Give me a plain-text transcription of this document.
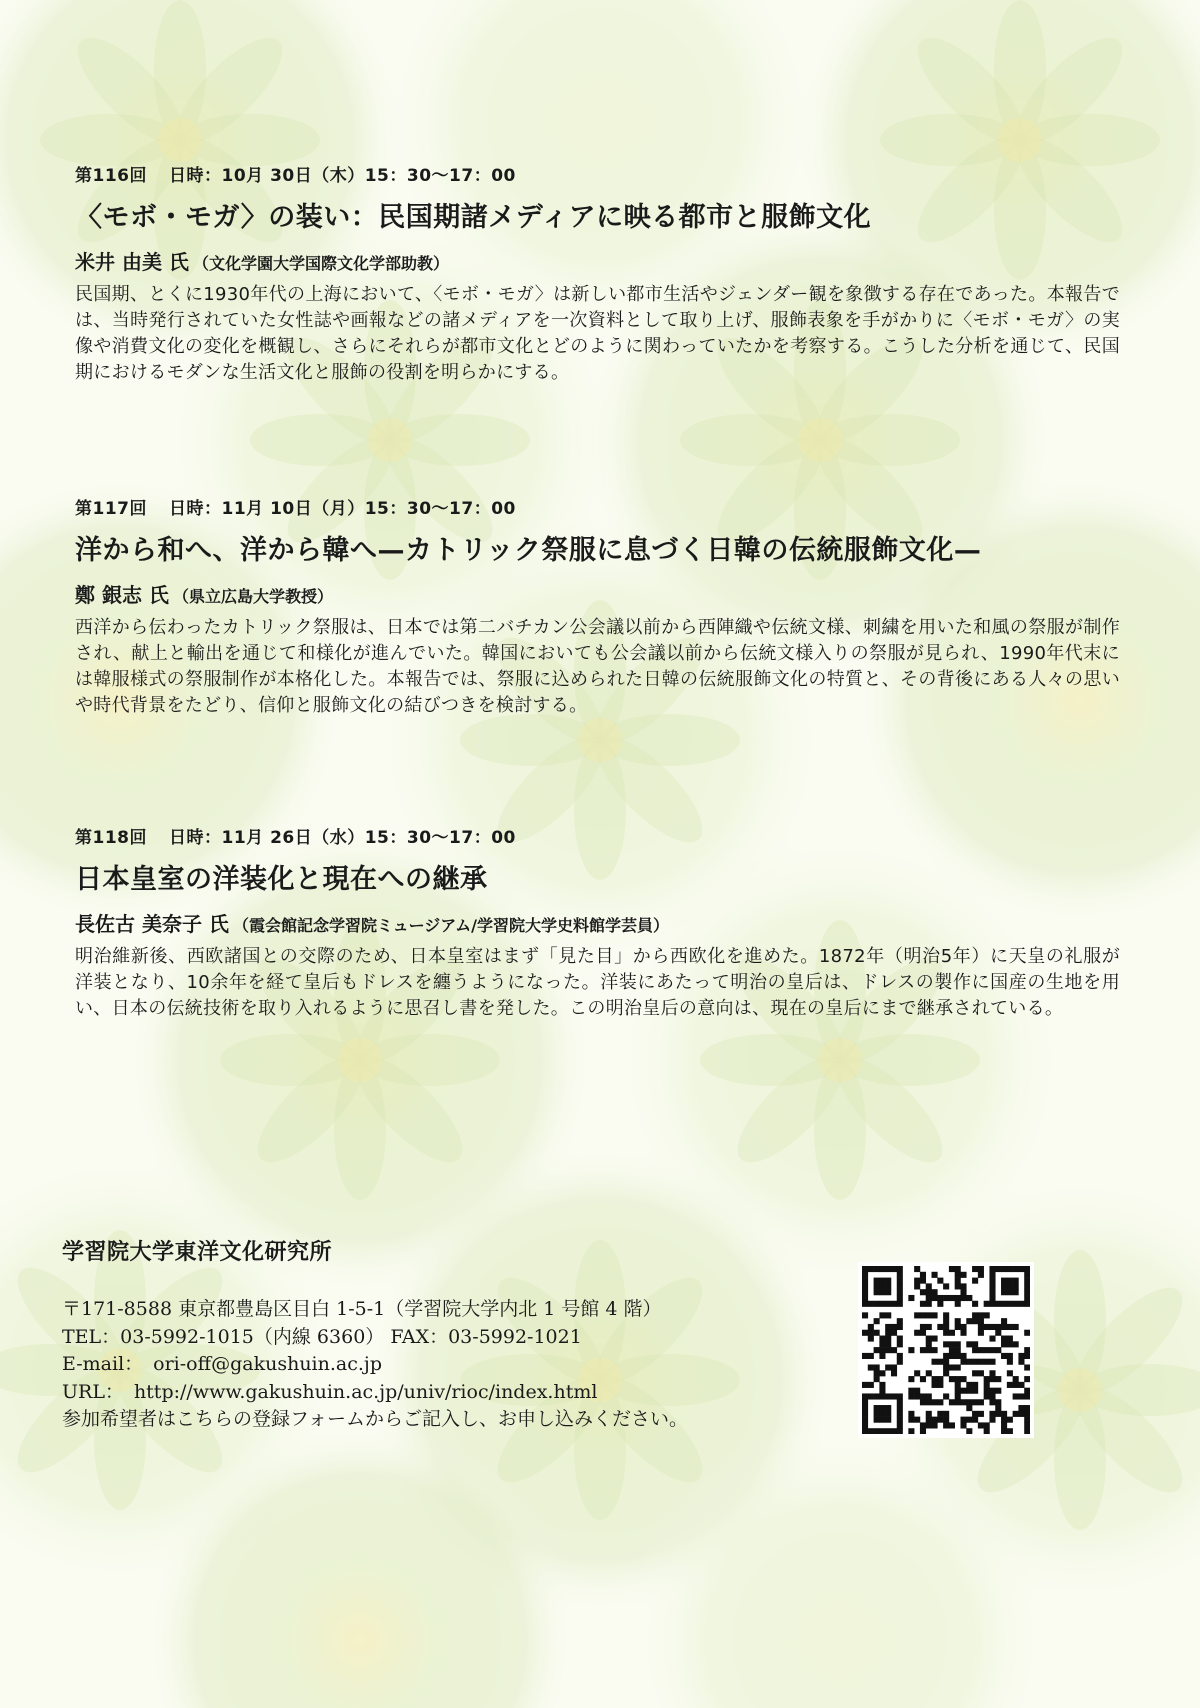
第116回 日時：10月 30日（木）15：30〜17：00
〈モボ・モガ〉の装い：民国期諸メディアに映る都市と服飾文化
米井 由美 氏 （文化学園大学国際文化学部助教）
民国期、とくに1930年代の上海において、〈モボ・モガ〉は新しい都市生活やジェンダー観を象徴する存在であった。本報告では、当時発行されていた女性誌や画報などの諸メディアを一次資料として取り上げ、服飾表象を手がかりに〈モボ・モガ〉の実像や消費文化の変化を概観し、さらにそれらが都市文化とどのように関わっていたかを考察する。こうした分析を通じて、民国期におけるモダンな生活文化と服飾の役割を明らかにする。
第117回 日時：11月 10日（月）15：30〜17：00
洋から和へ、洋から韓へ—カトリック祭服に息づく日韓の伝統服飾文化—
鄭 銀志 氏 （県立広島大学教授）
西洋から伝わったカトリック祭服は、日本では第二バチカン公会議以前から西陣織や伝統文様、刺繍を用いた和風の祭服が制作され、献上と輸出を通じて和様化が進んでいた。韓国においても公会議以前から伝統文様入りの祭服が見られ、1990年代末には韓服様式の祭服制作が本格化した。本報告では、祭服に込められた日韓の伝統服飾文化の特質と、その背後にある人々の思いや時代背景をたどり、信仰と服飾文化の結びつきを検討する。
第118回 日時：11月 26日（水）15：30〜17：00
日本皇室の洋装化と現在への継承
長佐古 美奈子 氏 （霞会館記念学習院ミュージアム/学習院大学史料館学芸員）
明治維新後、西欧諸国との交際のため、日本皇室はまず「見た目」から西欧化を進めた。1872年（明治5年）に天皇の礼服が洋装となり、10余年を経て皇后もドレスを纏うようになった。洋装にあたって明治の皇后は、ドレスの製作に国産の生地を用い、日本の伝統技術を取り入れるように思召し書を発した。この明治皇后の意向は、現在の皇后にまで継承されている。
学習院大学東洋文化研究所
〒171-8588 東京都豊島区目白 1-5-1（学習院大学内北 1 号館 4 階）
TEL：03-5992-1015（内線 6360） FAX：03-5992-1021
E-mail： ori-off@gakushuin.ac.jp
URL： http://www.gakushuin.ac.jp/univ/rioc/index.html
参加希望者はこちらの登録フォームからご記入し、お申し込みください。
